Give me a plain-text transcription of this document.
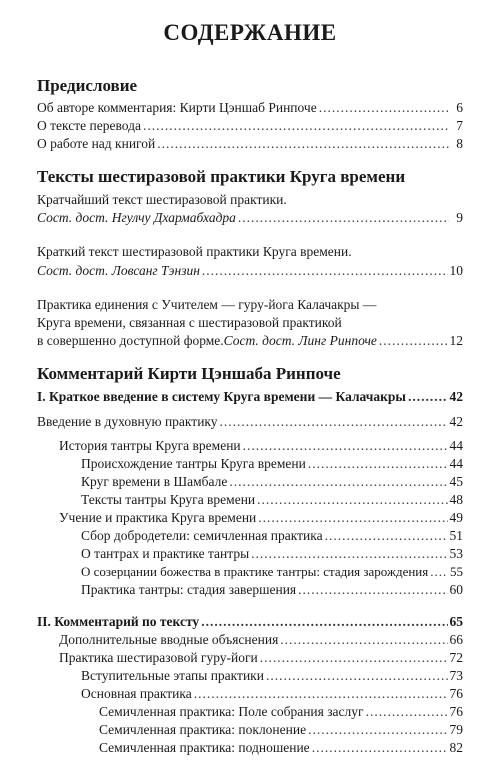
СОДЕРЖАНИЕ
Предисловие
Об авторе комментария: Кирти Цэншаб Ринпоче .....	6
О тексте перевода .....	7
О работе над книгой .....	8
Тексты шестиразовой практики Круга времени
Кратчайший текст шестиразовой практики.
Сост. дост. Нгулчу Дхармабхадра .....	9
Краткий текст шестиразовой практики Круга времени.
Сост. дост. Ловсанг Тэнзин .....	10
Практика единения с Учителем — гуру-йога Калачакры —
Круга времени, связанная с шестиразовой практикой
в совершенно доступной форме. Сост. дост. Линг Ринпоче .....	12
Комментарий Кирти Цэншаба Ринпоче
I. Краткое введение в систему Круга времени — Калачакры .....	42
Введение в духовную практику .....	42
История тантры Круга времени .....	44
Происхождение тантры Круга времени .....	44
Круг времени в Шамбале .....	45
Тексты тантры Круга времени .....	48
Учение и практика Круга времени .....	49
Сбор добродетели: семичленная практика .....	51
О тантрах и практике тантры .....	53
О созерцании божества в практике тантры: стадия зарождения ..... 55
Практика тантры: стадия завершения .....	60
II. Комментарий по тексту .....	65
Дополнительные вводные объяснения .....	66
Практика шестиразовой гуру-йоги .....	72
Вступительные этапы практики .....	73
Основная практика .....	76
Семичленная практика: Поле собрания заслуг .....	76
Семичленная практика: поклонение .....	79
Семичленная практика: подношение .....	82
